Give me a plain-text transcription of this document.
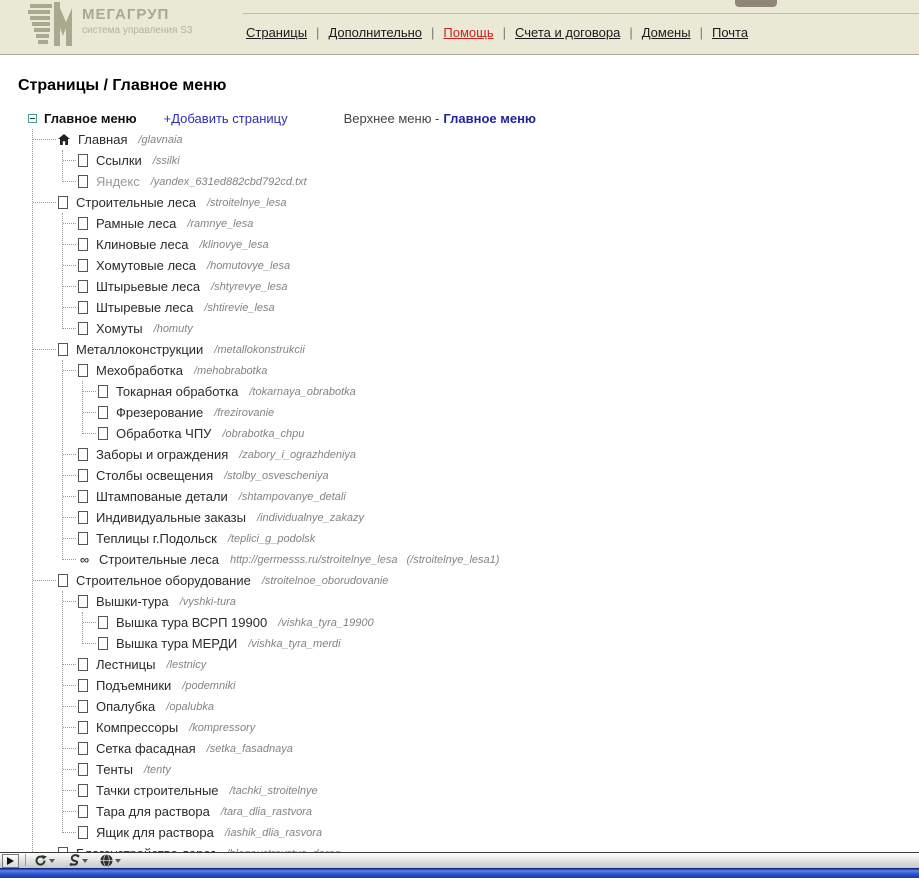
МЕГАГРУП
система управления S3	Страницы | Дополнительно | Помощь | Счета и договора | Домены | Почта
Страницы / Главное меню
Главное меню +Добавить страницу	Верхнее меню - Главное меню
Главная /glavnaia
Ссылки /ssilki
Яндекс /yandex_631ed882cbd792cd.txt
Строительные леса /stroitelnye_lesa
Рамные леса /ramnye_lesa
Клиновые леса /klinovye_lesa
Хомутовые леса /homutovye_lesa
Штырьевые леса /shtyrevye_lesa
Штыревые леса /shtirevie_lesa
Хомуты /homuty
Металлоконструкции /metallokonstrukcii
Мехобработка /mehobrabotka
Токарная обработка /tokarnaya_obrabotka
Фрезерование /frezirovanie
Обработка ЧПУ /obrabotka_chpu
Заборы и ограждения /zabory_i_ograzhdeniya
Столбы освещения /stolby_osvescheniya
Штампованые детали /shtampovanye_detali
Индивидуальные заказы /individualnye_zakazy
Теплицы г.Подольск /teplici_g_podolsk
∞ Строительные леса http://germesss.ru/stroitelnye_lesa (/stroitelnye_lesa1)
Строительное оборудование /stroitelnoe_oborudovanie
Вышки-тура /vyshki-tura
Вышка тура ВСРП 19900 /vishka_tyra_19900
Вышка тура МЕРДИ /vishka_tyra_merdi
Лестницы /lestnicy
Подъемники /podemniki
Опалубка /opalubka
Компрессоры /kompressory
Сетка фасадная /setka_fasadnaya
Тенты /tenty
Тачки строительные /tachki_stroitelnye
Тара для раствора /tara_dlia_rastvora
Ящик для раствора /iashik_dlia_rasvora
